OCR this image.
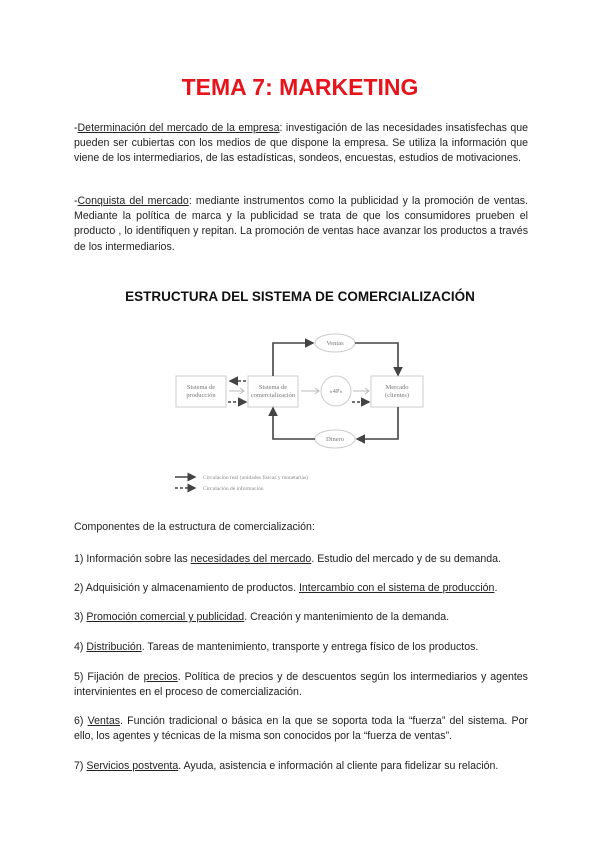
TEMA 7: MARKETING
-Determinación del mercado de la empresa: investigación de las necesidades insatisfechas que pueden ser cubiertas con los medios de que dispone la empresa. Se utiliza la información que viene de los intermediarios, de las estadísticas, sondeos, encuestas, estudios de motivaciones.
-Conquista del mercado: mediante instrumentos como la publicidad y la promoción de ventas. Mediante la política de marca y la publicidad se trata de que los consumidores prueben el producto , lo identifiquen y repitan. La promoción de ventas hace avanzar los productos a través de los intermediarios.
ESTRUCTURA DEL SISTEMA DE COMERCIALIZACIÓN
Sistema de
producción
Sistema de
comercialización
«4P»
Mercado
(clientes)
Ventas
Dinero
Circulación real (unidades físicas y monetarias)
Circulación de información
Componentes de la estructura de comercialización:
1) Información sobre las necesidades del mercado. Estudio del mercado y de su demanda.
2) Adquisición y almacenamiento de productos. Intercambio con el sistema de producción.
3) Promoción comercial y publicidad. Creación y mantenimiento de la demanda.
4) Distribución. Tareas de mantenimiento, transporte y entrega físico de los productos.
5) Fijación de precios. Política de precios y de descuentos según los intermediarios y agentes intervinientes en el proceso de comercialización.
6) Ventas. Función tradicional o básica en la que se soporta toda la “fuerza” del sistema. Por ello, los agentes y técnicas de la misma son conocidos por la “fuerza de ventas”.
7) Servicios postventa. Ayuda, asistencia e información al cliente para fidelizar su relación.
